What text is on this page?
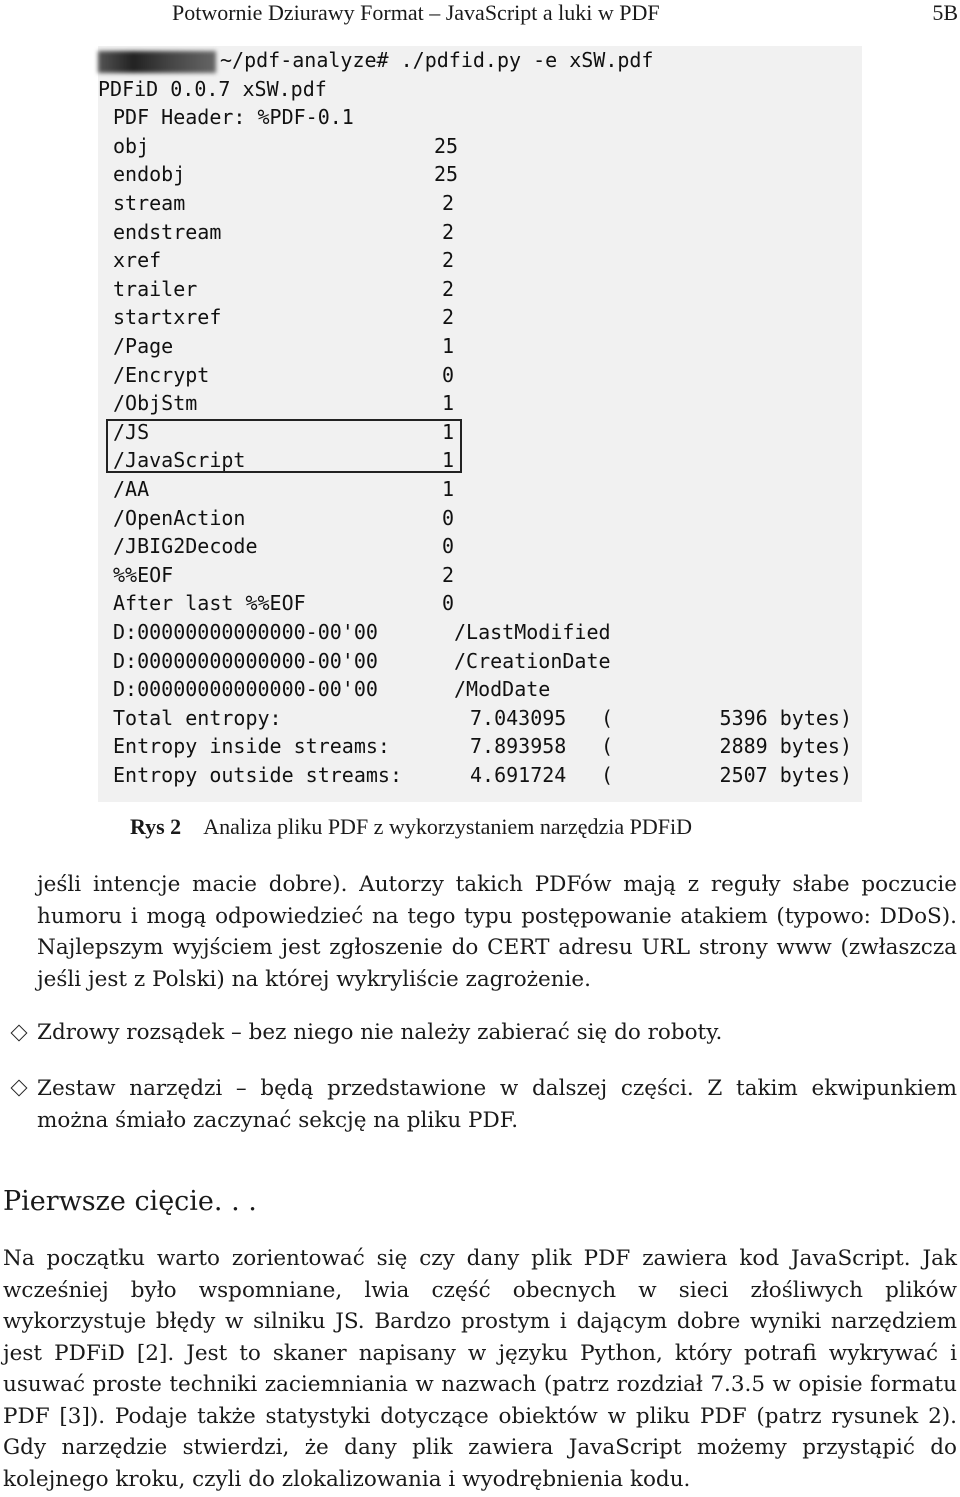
Potwornie Dziurawy Format – JavaScript a luki w PDF	5B
~/pdf-analyze# ./pdfid.py -e xSW.pdf
PDFiD 0.0.7 xSW.pdf
PDF Header: %PDF-0.1
obj	25
endobj	25
stream	2
endstream	2
xref	2
trailer	2
startxref	2
/Page	1
/Encrypt	0
/ObjStm	1
/JS	1
/JavaScript	1
/AA	1
/OpenAction	0
/JBIG2Decode	0
%%EOF	2
After last %%EOF	0
D:00000000000000-00'00	/LastModified
D:00000000000000-00'00	/CreationDate
D:00000000000000-00'00	/ModDate
Total entropy:	7.043095 (	5396 bytes)
Entropy inside streams:	7.893958 (	2889 bytes)
Entropy outside streams:	4.691724 (	2507 bytes)
Rys 2 Analiza pliku PDF z wykorzystaniem narzędzia PDFiD
jeśli intencje macie dobre). Autorzy takich PDFów mają z reguły słabe poczucie humoru i mogą odpowiedzieć na tego typu postępowanie atakiem (typowo: DDoS). Najlepszym wyjściem jest zgłoszenie do CERT adresu URL strony www (zwłaszcza jeśli jest z Polski) na której wykryliście zagrożenie.
Zdrowy rozsądek – bez niego nie należy zabierać się do roboty.
Zestaw narzędzi – będą przedstawione w dalszej części. Z takim ekwipunkiem można śmiało zaczynać sekcję na pliku PDF.
Pierwsze cięcie. . .
Na początku warto zorientować się czy dany plik PDF zawiera kod JavaScript. Jak wcześniej było wspomniane, lwia część obecnych w sieci złośliwych plików wykorzystuje błędy w silniku JS. Bardzo prostym i dającym dobre wyniki narzędziem jest PDFiD [2]. Jest to skaner napisany w języku Python, który potrafi wykrywać i usuwać proste techniki zaciemniania w nazwach (patrz rozdział 7.3.5 w opisie formatu PDF [3]). Podaje także statystyki dotyczące obiektów w pliku PDF (patrz rysunek 2). Gdy narzędzie stwierdzi, że dany plik zawiera JavaScript możemy przystąpić do kolejnego kroku, czyli do zlokalizowania i wyodrębnienia kodu.
